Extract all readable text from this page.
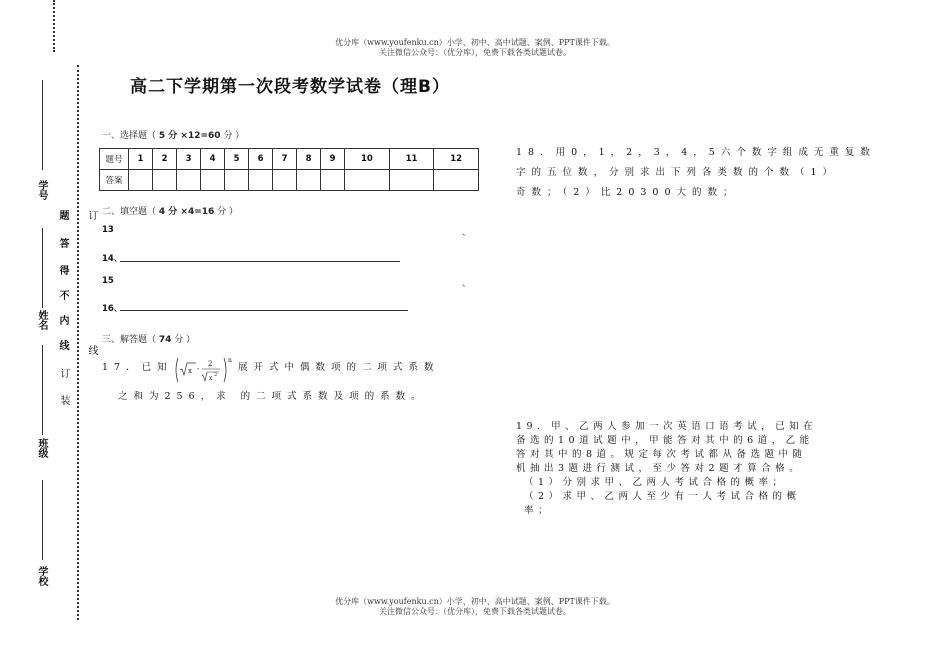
优分库（www.youfenku.cn）小学、初中、高中试题、案例、PPT课件下载。
关注微信公众号：（优分库），免费下载各类试题试卷。
优分库（www.youfenku.cn）小学、初中、高中试题、案例、PPT课件下载。
关注微信公众号：（优分库），免费下载各类试题试卷。
学号
姓名
班级
学校
题
答
得
不
内
线
订
装
订
线
高二下学期第一次段考数学试卷（理B）
一、选择题（ 5 分 ×12=60 分 ）
题号	1	2	3	4	5	6	7	8	9	10	11	12
答案												
二、填空题（ 4 分 ×4=16 分 ）
13	、
14、
15	、
16、
三、解答题（ 74 分 ）
17．已知 x -
2
x 2
n
展开式中偶数项的二项式系数
之和为256，求 的二项式系数及项的系数。
18．用0，1，2，3，4，5六个数字组成无重复数
字的五位数，分别求出下列各类数的个数（1）
奇数；（2）比20300大的数；
19．甲、乙两人参加一次英语口语考试，已知在
备选的10道试题中，甲能答对其中的6道，乙能
答对其中的8道。规定每次考试都从备选题中随
机抽出3题进行测试，至少答对2题才算合格。
（1）分别求甲、乙两人考试合格的概率；
（2）求甲、乙两人至少有一人考试合格的概
率；
